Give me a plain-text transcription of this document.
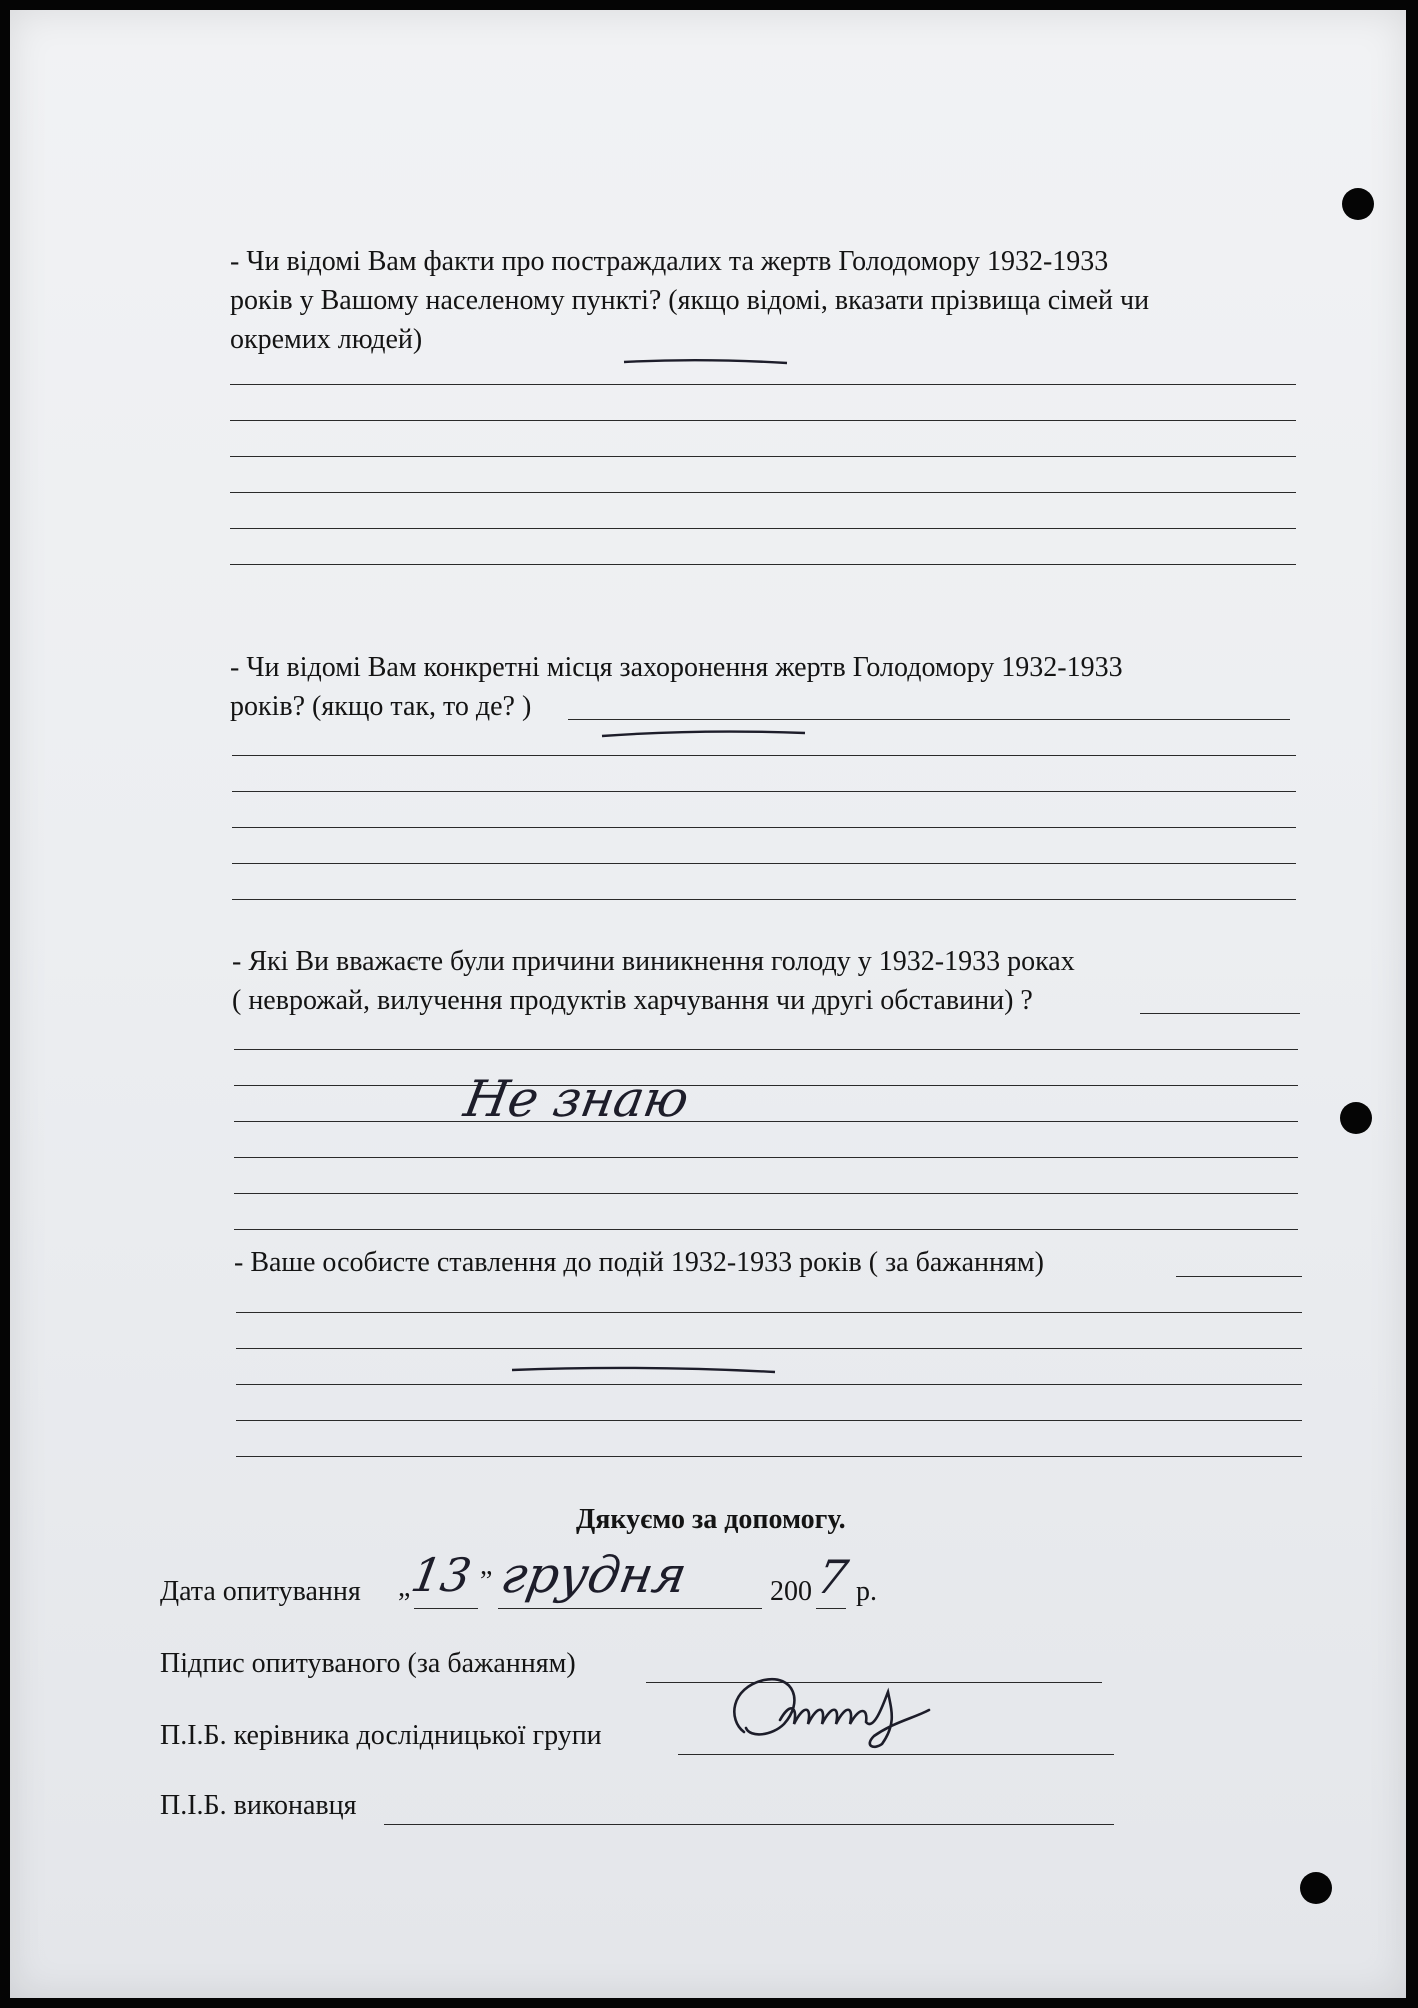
- Чи відомі Вам факти про постраждалих та жертв Голодомору 1932-1933
років у Вашому населеному пункті? (якщо відомі, вказати прізвища сімей чи
окремих людей)
- Чи відомі Вам конкретні місця захоронення жертв Голодомору 1932-1933
років? (якщо так, то де? )
- Які Ви вважаєте були причини виникнення голоду у 1932-1933 роках
( неврожай, вилучення продуктів харчування чи другі обставини) ?
Не знаю
- Ваше особисте ставлення до подій 1932-1933 років ( за бажанням)
Дякуємо за допомогу.
Дата опитування „
13 ” грудня	200 7 р.
Підпис опитуваного (за бажанням)
П.І.Б. керівника дослідницької групи
П.І.Б. виконавця
